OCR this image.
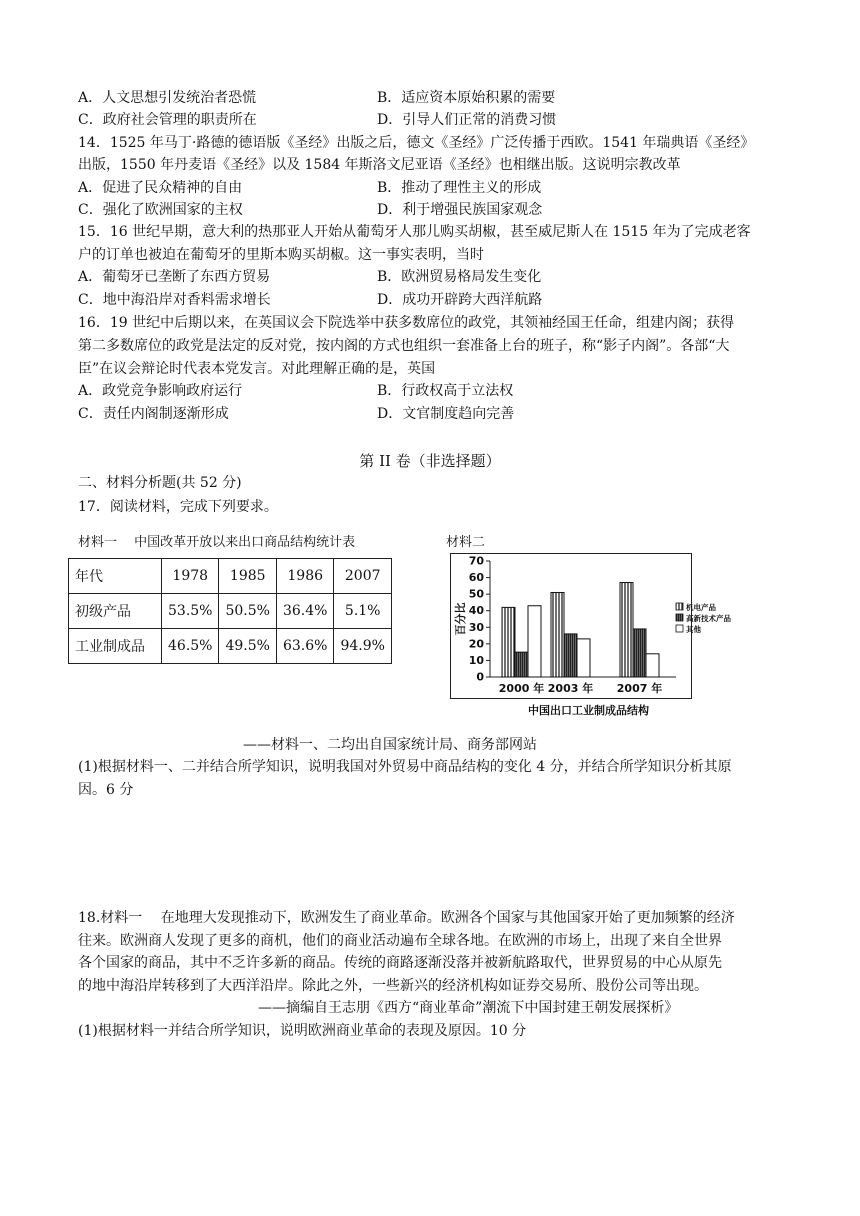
A．人文思想引发统治者恐慌	B．适应资本原始积累的需要
C．政府社会管理的职责所在	D．引导人们正常的消费习惯
14．1525 年马丁·路德的德语版《圣经》出版之后，德文《圣经》广泛传播于西欧。1541 年瑞典语《圣经》
出版，1550 年丹麦语《圣经》以及 1584 年斯洛文尼亚语《圣经》也相继出版。这说明宗教改革
A．促进了民众精神的自由	B．推动了理性主义的形成
C．强化了欧洲国家的主权	D．利于增强民族国家观念
15．16 世纪早期，意大利的热那亚人开始从葡萄牙人那儿购买胡椒，甚至威尼斯人在 1515 年为了完成老客
户的订单也被迫在葡萄牙的里斯本购买胡椒。这一事实表明，当时
A．葡萄牙已垄断了东西方贸易	B．欧洲贸易格局发生变化
C．地中海沿岸对香料需求增长	D．成功开辟跨大西洋航路
16．19 世纪中后期以来，在英国议会下院选举中获多数席位的政党，其领袖经国王任命，组建内阁；获得
第二多数席位的政党是法定的反对党，按内阁的方式也组织一套准备上台的班子，称“影子内阁”。各部“大
臣”在议会辩论时代表本党发言。对此理解正确的是，英国
A．政党竞争影响政府运行	B．行政权高于立法权
C．责任内阁制逐渐形成	D．文官制度趋向完善
第 II 卷（非选择题）
二、材料分析题(共 52 分)
17．阅读材料，完成下列要求。
材料一　 中国改革开放以来出口商品结构统计表
年代	1978	1985	1986	2007
初级产品	53.5%	50.5%	36.4%	5.1%
工业制成品	46.5%	49.5%	63.6%	94.9%
材料二
0
10
20
30
40
50
60
70
百分比
2000 年 2003 年 2007 年
机电产品
高新技术产品
其他
中国出口工业制成品结构
——材料一、二均出自国家统计局、商务部网站
(1)根据材料一、二并结合所学知识，说明我国对外贸易中商品结构的变化 4 分，并结合所学知识分析其原
因。6 分
18.材料一　 在地理大发现推动下，欧洲发生了商业革命。欧洲各个国家与其他国家开始了更加频繁的经济
往来。欧洲商人发现了更多的商机，他们的商业活动遍布全球各地。在欧洲的市场上，出现了来自全世界
各个国家的商品，其中不乏许多新的商品。传统的商路逐渐没落并被新航路取代，世界贸易的中心从原先
的地中海沿岸转移到了大西洋沿岸。除此之外，一些新兴的经济机构如证券交易所、股份公司等出现。
——摘编自王志朋《西方“商业革命”潮流下中国封建王朝发展探析》
(1)根据材料一并结合所学知识，说明欧洲商业革命的表现及原因。10 分
